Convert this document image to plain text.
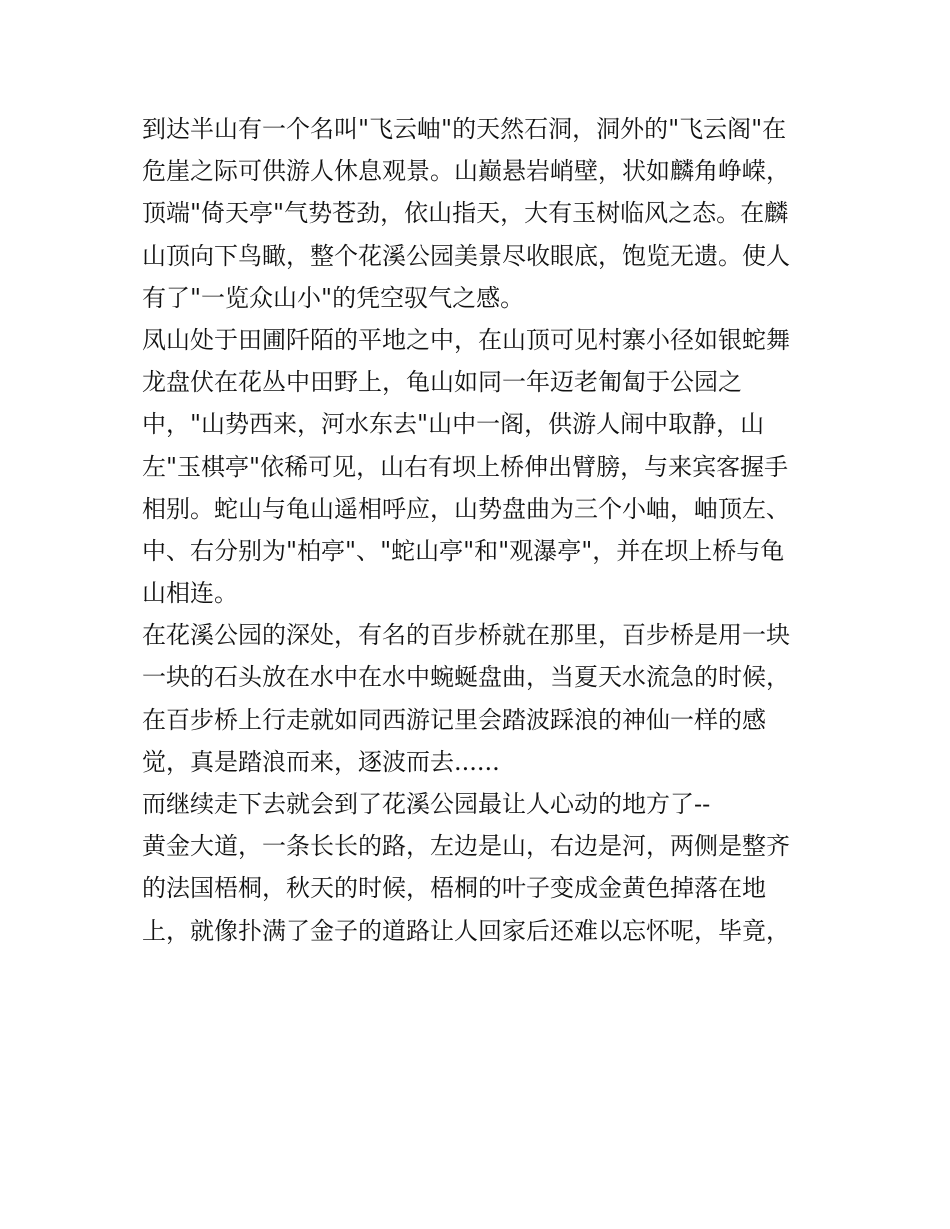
到达半山有一个名叫"飞云岫"的天然石洞，洞外的"飞云阁"在
危崖之际可供游人休息观景。山巅悬岩峭壁，状如麟角峥嵘，
顶端"倚天亭"气势苍劲，依山指天，大有玉树临风之态。在麟
山顶向下鸟瞰，整个花溪公园美景尽收眼底，饱览无遗。使人
有了"一览众山小"的凭空驭气之感。
凤山处于田圃阡陌的平地之中，在山顶可见村寨小径如银蛇舞
龙盘伏在花丛中田野上，龟山如同一年迈老匍匐于公园之
中，"山势西来，河水东去"山中一阁，供游人闹中取静，山
左"玉棋亭"依稀可见，山右有坝上桥伸出臂膀，与来宾客握手
相别。蛇山与龟山遥相呼应，山势盘曲为三个小岫，岫顶左、
中、右分别为"柏亭"、"蛇山亭"和"观瀑亭"，并在坝上桥与龟
山相连。
在花溪公园的深处，有名的百步桥就在那里，百步桥是用一块
一块的石头放在水中在水中蜿蜒盘曲，当夏天水流急的时候，
在百步桥上行走就如同西游记里会踏波踩浪的神仙一样的感
觉，真是踏浪而来，逐波而去......
而继续走下去就会到了花溪公园最让人心动的地方了--
黄金大道，一条长长的路，左边是山，右边是河，两侧是整齐
的法国梧桐，秋天的时候，梧桐的叶子变成金黄色掉落在地
上，就像扑满了金子的道路让人回家后还难以忘怀呢，毕竟，
